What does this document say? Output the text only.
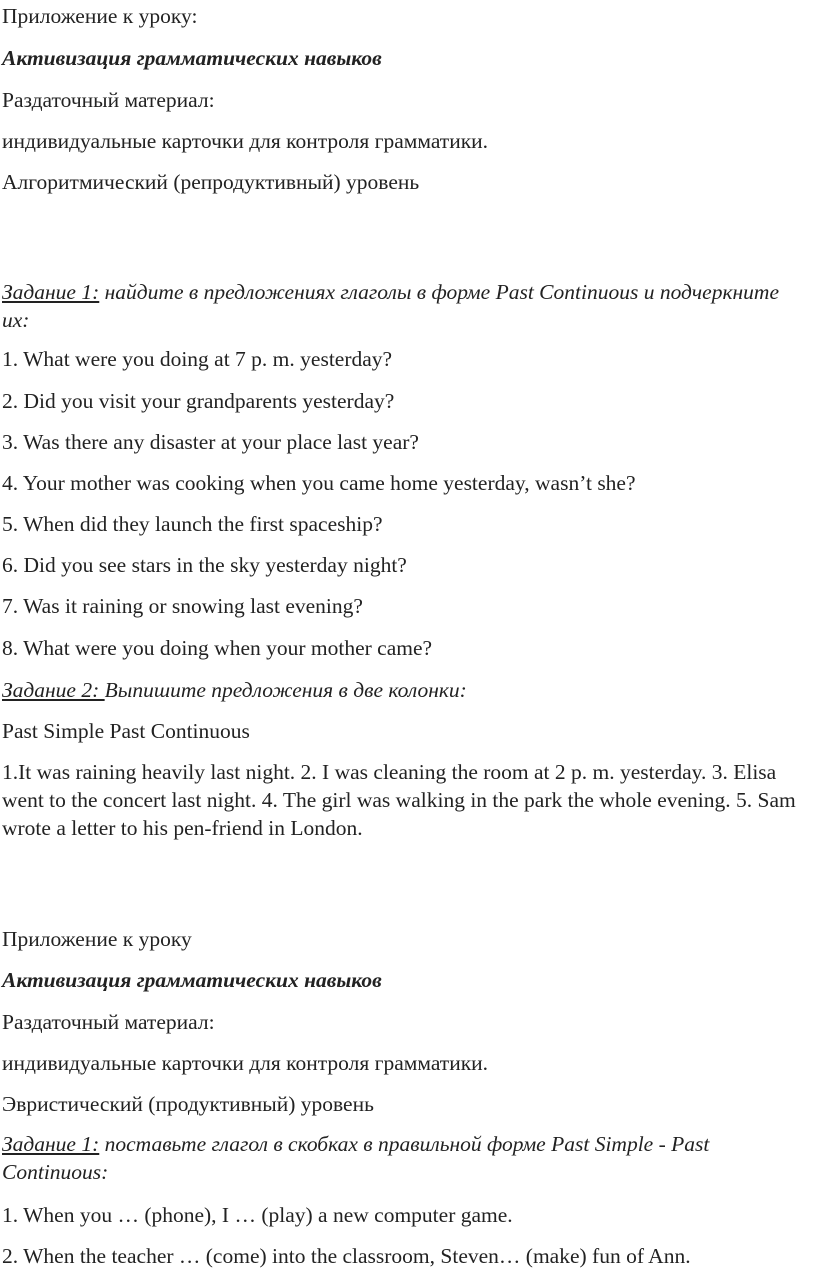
Приложение к уроку:
Активизация грамматических навыков
Раздаточный материал:
индивидуальные карточки для контроля грамматики.
Алгоритмический (репродуктивный) уровень
Задание 1: найдите в предложениях глаголы в форме Past Continuous и подчеркните их:
1. What were you doing at 7 p. m. yesterday?
2. Did you visit your grandparents yesterday?
3. Was there any disaster at your place last year?
4. Your mother was cooking when you came home yesterday, wasn’t she?
5. When did they launch the first spaceship?
6. Did you see stars in the sky yesterday night?
7. Was it raining or snowing last evening?
8. What were you doing when your mother came?
Задание 2: Выпишите предложения в две колонки:
Past Simple Past Continuous
1.It was raining heavily last night. 2. I was cleaning the room at 2 p. m. yesterday. 3. Elisa went to the concert last night. 4. The girl was walking in the park the whole evening. 5. Sam wrote a letter to his pen-friend in London.
Приложение к уроку
Активизация грамматических навыков
Раздаточный материал:
индивидуальные карточки для контроля грамматики.
Эвристический (продуктивный) уровень
Задание 1: поставьте глагол в скобках в правильной форме Past Simple - Past Continuous:
1. When you … (phone), I … (play) a new computer game.
2. When the teacher … (come) into the classroom, Steven… (make) fun of Ann.
